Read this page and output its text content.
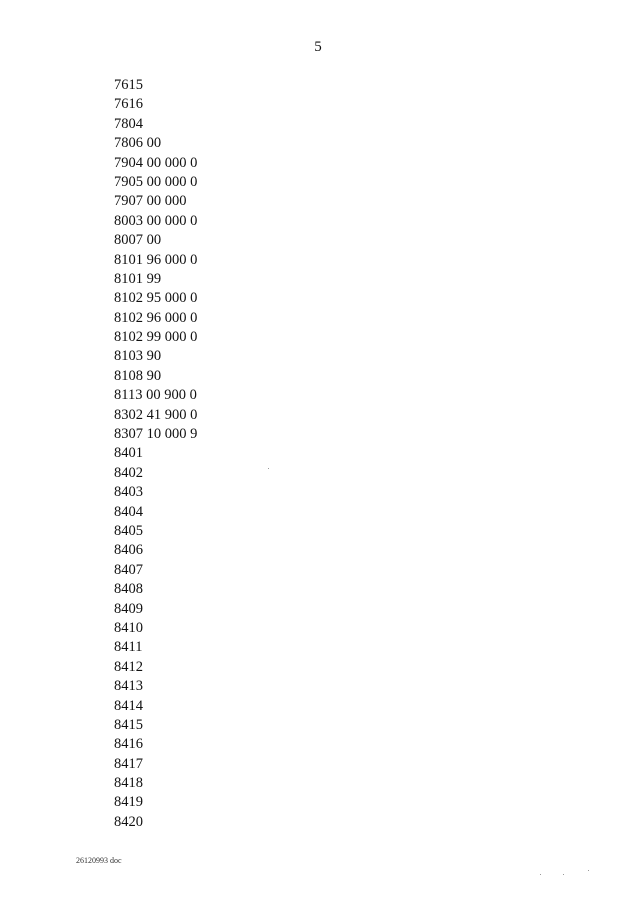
5
7615
7616
7804
7806 00
7904 00 000 0
7905 00 000 0
7907 00 000
8003 00 000 0
8007 00
8101 96 000 0
8101 99
8102 95 000 0
8102 96 000 0
8102 99 000 0
8103 90
8108 90
8113 00 900 0
8302 41 900 0
8307 10 000 9
8401
8402
8403
8404
8405
8406
8407
8408
8409
8410
8411
8412
8413
8414
8415
8416
8417
8418
8419
8420
26120993 doc
